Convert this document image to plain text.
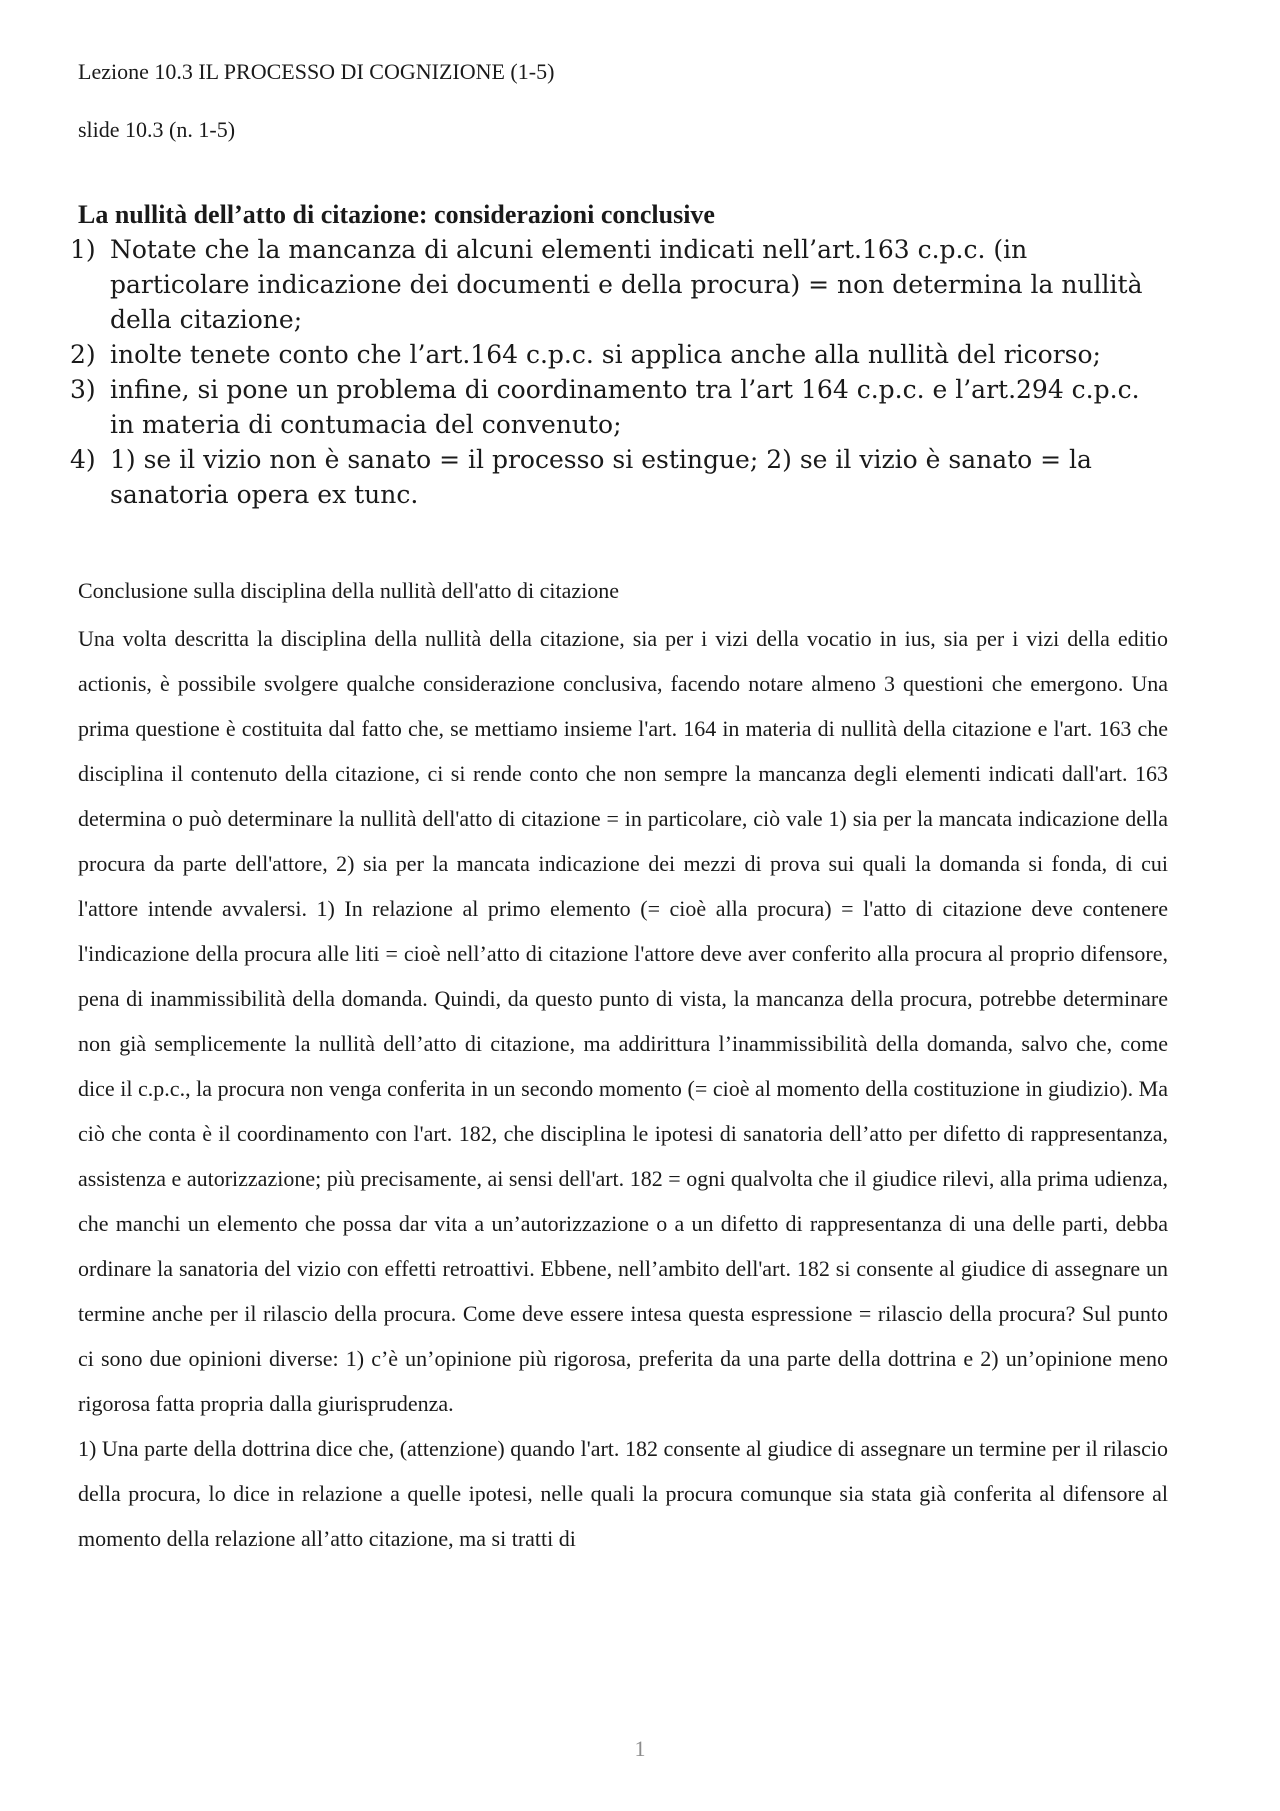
Lezione 10.3 IL PROCESSO DI COGNIZIONE (1-5)

slide 10.3 (n. 1-5)

La nullità dell’atto di citazione: considerazioni conclusive

1) Notate che la mancanza di alcuni elementi indicati nell’art.163 c.p.c. (in particolare indicazione dei documenti e della procura) = non determina la nullità della citazione;
2) inolte tenete conto che l’art.164 c.p.c. si applica anche alla nullità del ricorso;
3) infine, si pone un problema di coordinamento tra l’art 164 c.p.c. e l’art.294 c.p.c. in materia di contumacia del convenuto;
4) 1) se il vizio non è sanato = il processo si estingue; 2) se il vizio è sanato = la sanatoria opera ex tunc.

Conclusione sulla disciplina della nullità dell'atto di citazione

Una volta descritta la disciplina della nullità della citazione, sia per i vizi della vocatio in ius, sia per i vizi della editio actionis, è possibile svolgere qualche considerazione conclusiva, facendo notare almeno 3 questioni che emergono. Una prima questione è costituita dal fatto che, se mettiamo insieme l'art. 164 in materia di nullità della citazione e l'art. 163 che disciplina il contenuto della citazione, ci si rende conto che non sempre la mancanza degli elementi indicati dall'art. 163 determina o può determinare la nullità dell'atto di citazione = in particolare, ciò vale 1) sia per la mancata indicazione della procura da parte dell'attore, 2) sia per la mancata indicazione dei mezzi di prova sui quali la domanda si fonda, di cui l'attore intende avvalersi. 1) In relazione al primo elemento (= cioè alla procura) = l'atto di citazione deve contenere l'indicazione della procura alle liti = cioè nell’atto di citazione l'attore deve aver conferito alla procura al proprio difensore, pena di inammissibilità della domanda. Quindi, da questo punto di vista, la mancanza della procura, potrebbe determinare non già semplicemente la nullità dell’atto di citazione, ma addirittura l’inammissibilità della domanda, salvo che, come dice il c.p.c., la procura non venga conferita in un secondo momento (= cioè al momento della costituzione in giudizio). Ma ciò che conta è il coordinamento con l'art. 182, che disciplina le ipotesi di sanatoria dell’atto per difetto di rappresentanza, assistenza e autorizzazione; più precisamente, ai sensi dell'art. 182 = ogni qualvolta che il giudice rilevi, alla prima udienza, che manchi un elemento che possa dar vita a un’autorizzazione o a un difetto di rappresentanza di una delle parti, debba ordinare la sanatoria del vizio con effetti retroattivi. Ebbene, nell’ambito dell'art. 182 si consente al giudice di assegnare un termine anche per il rilascio della procura. Come deve essere intesa questa espressione = rilascio della procura? Sul punto ci sono due opinioni diverse: 1) c’è un’opinione più rigorosa, preferita da una parte della dottrina e 2) un’opinione meno rigorosa fatta propria dalla giurisprudenza.

1) Una parte della dottrina dice che, (attenzione) quando l'art. 182 consente al giudice di assegnare un termine per il rilascio della procura, lo dice in relazione a quelle ipotesi, nelle quali la procura comunque sia stata già conferita al difensore al momento della relazione all’atto citazione, ma si tratti di

1
